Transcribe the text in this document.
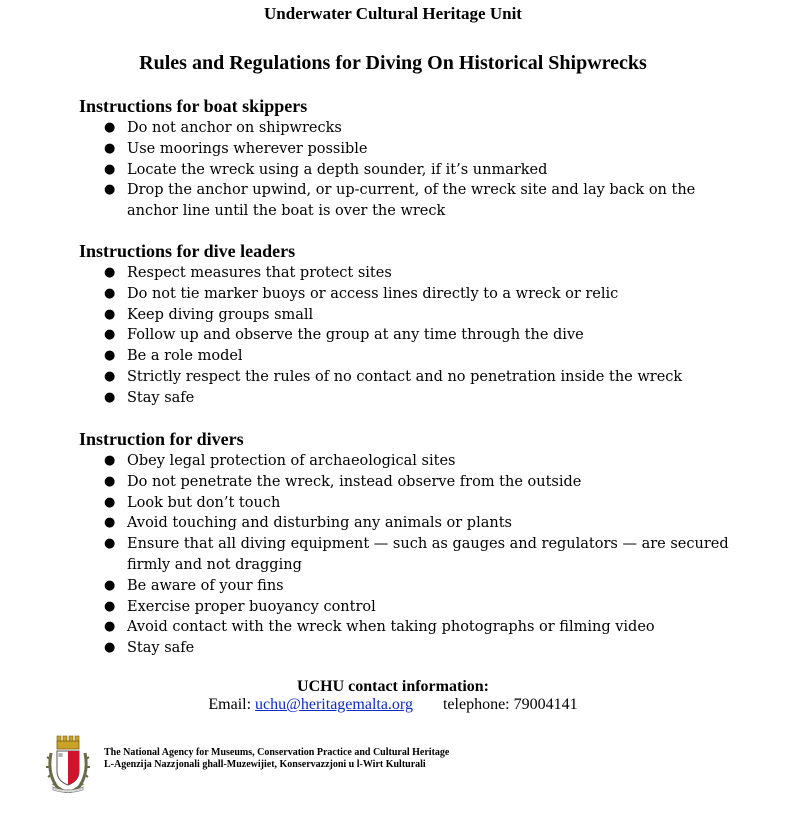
Underwater Cultural Heritage Unit
Rules and Regulations for Diving On Historical Shipwrecks
Instructions for boat skippers
● Do not anchor on shipwrecks
● Use moorings wherever possible
● Locate the wreck using a depth sounder, if it’s unmarked
● Drop the anchor upwind, or up-current, of the wreck site and lay back on the anchor line until the boat is over the wreck
Instructions for dive leaders
● Respect measures that protect sites
● Do not tie marker buoys or access lines directly to a wreck or relic
● Keep diving groups small
● Follow up and observe the group at any time through the dive
● Be a role model
● Strictly respect the rules of no contact and no penetration inside the wreck
● Stay safe
Instruction for divers
● Obey legal protection of archaeological sites
● Do not penetrate the wreck, instead observe from the outside
● Look but don’t touch
● Avoid touching and disturbing any animals or plants
● Ensure that all diving equipment — such as gauges and regulators — are secured firmly and not dragging
● Be aware of your fins
● Exercise proper buoyancy control
● Avoid contact with the wreck when taking photographs or filming video
● Stay safe
UCHU contact information:
Email: uchu@heritagemalta.org telephone: 79004141
The National Agency for Museums, Conservation Practice and Cultural Heritage
L-Agenzija Nazzjonali ghall-Muzewijiet, Konservazzjoni u l-Wirt Kulturali
